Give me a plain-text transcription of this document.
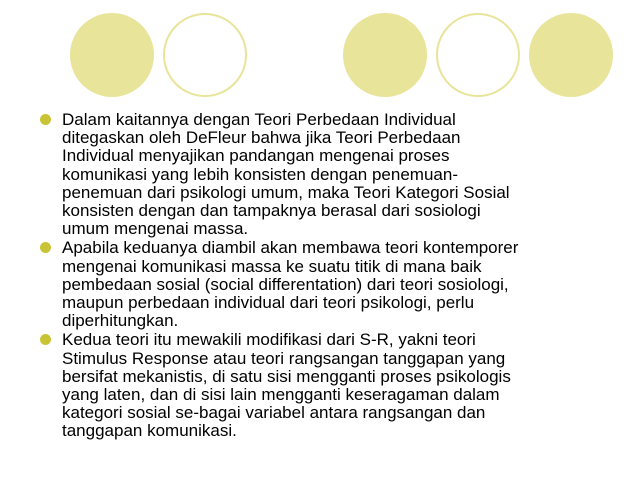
Dalam kaitannya dengan Teori Perbedaan Individual
ditegaskan oleh DeFleur bahwa jika Teori Perbedaan
Individual menyajikan pandangan mengenai proses
komunikasi yang lebih konsisten dengan penemuan-
penemuan dari psikologi umum, maka Teori Kategori Sosial
konsisten dengan dan tampaknya berasal dari sosiologi
umum mengenai massa.
Apabila keduanya diambil akan membawa teori kontemporer
mengenai komunikasi massa ke suatu titik di mana baik
pembedaan sosial (social differentation) dari teori sosiologi,
maupun perbedaan individual dari teori psikologi, perlu
diperhitungkan.
Kedua teori itu mewakili modifikasi dari S-R, yakni teori
Stimulus Response atau teori rangsangan tanggapan yang
bersifat mekanistis, di satu sisi mengganti proses psikologis
yang laten, dan di sisi lain mengganti keseragaman dalam
kategori sosial se-bagai variabel antara rangsangan dan
tanggapan komunikasi.
